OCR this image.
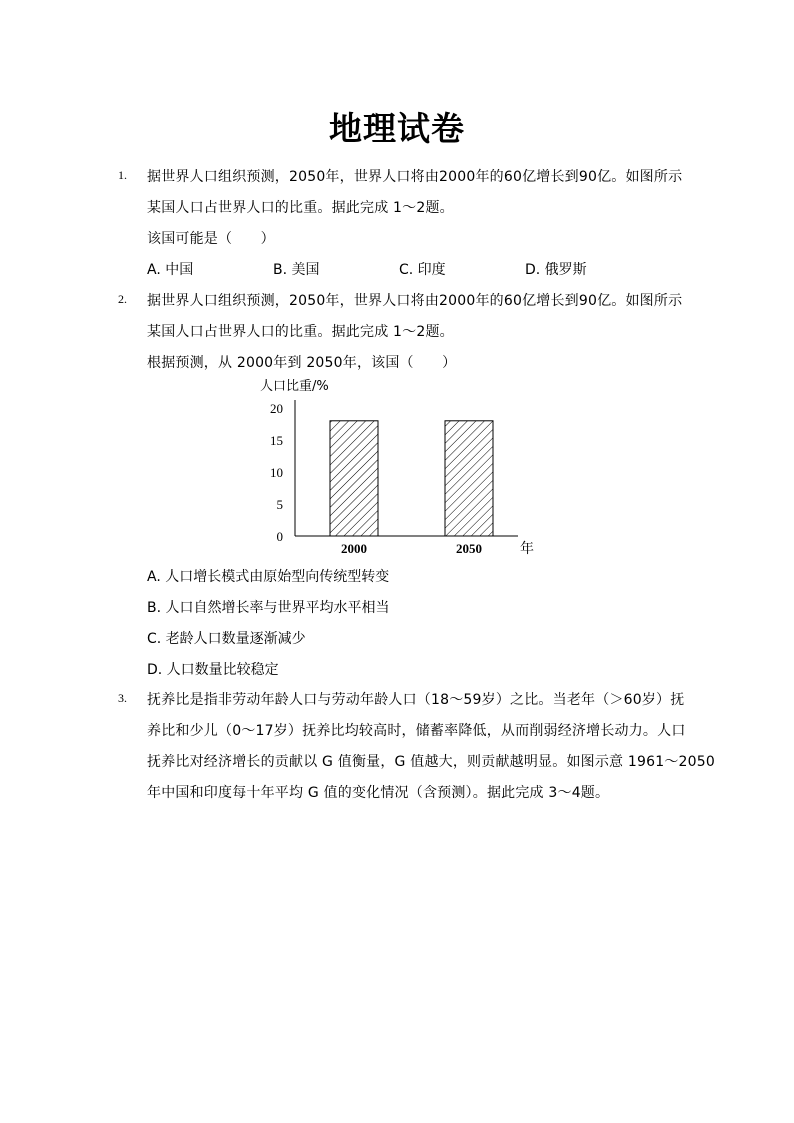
地理试卷
1. 据世界人口组织预测，2050年，世界人口将由2000年的60亿增长到90亿。如图所示
某国人口占世界人口的比重。据此完成 1～2题。
该国可能是（　　）
A. 中国	B. 美国	C. 印度	D. 俄罗斯
2. 据世界人口组织预测，2050年，世界人口将由2000年的60亿增长到90亿。如图所示
某国人口占世界人口的比重。据此完成 1～2题。
根据预测，从 2000年到 2050年，该国（　　）
人口比重/%
0
5
10
15
20
2000	2050	年
A. 人口增长模式由原始型向传统型转变
B. 人口自然增长率与世界平均水平相当
C. 老龄人口数量逐渐减少
D. 人口数量比较稳定
3. 抚养比是指非劳动年龄人口与劳动年龄人口（18～59岁）之比。当老年（＞60岁）抚
养比和少儿（0～17岁）抚养比均较高时，储蓄率降低，从而削弱经济增长动力。人口
抚养比对经济增长的贡献以 G 值衡量，G 值越大，则贡献越明显。如图示意 1961～2050
年中国和印度每十年平均 G 值的变化情况（含预测）。据此完成 3～4题。
